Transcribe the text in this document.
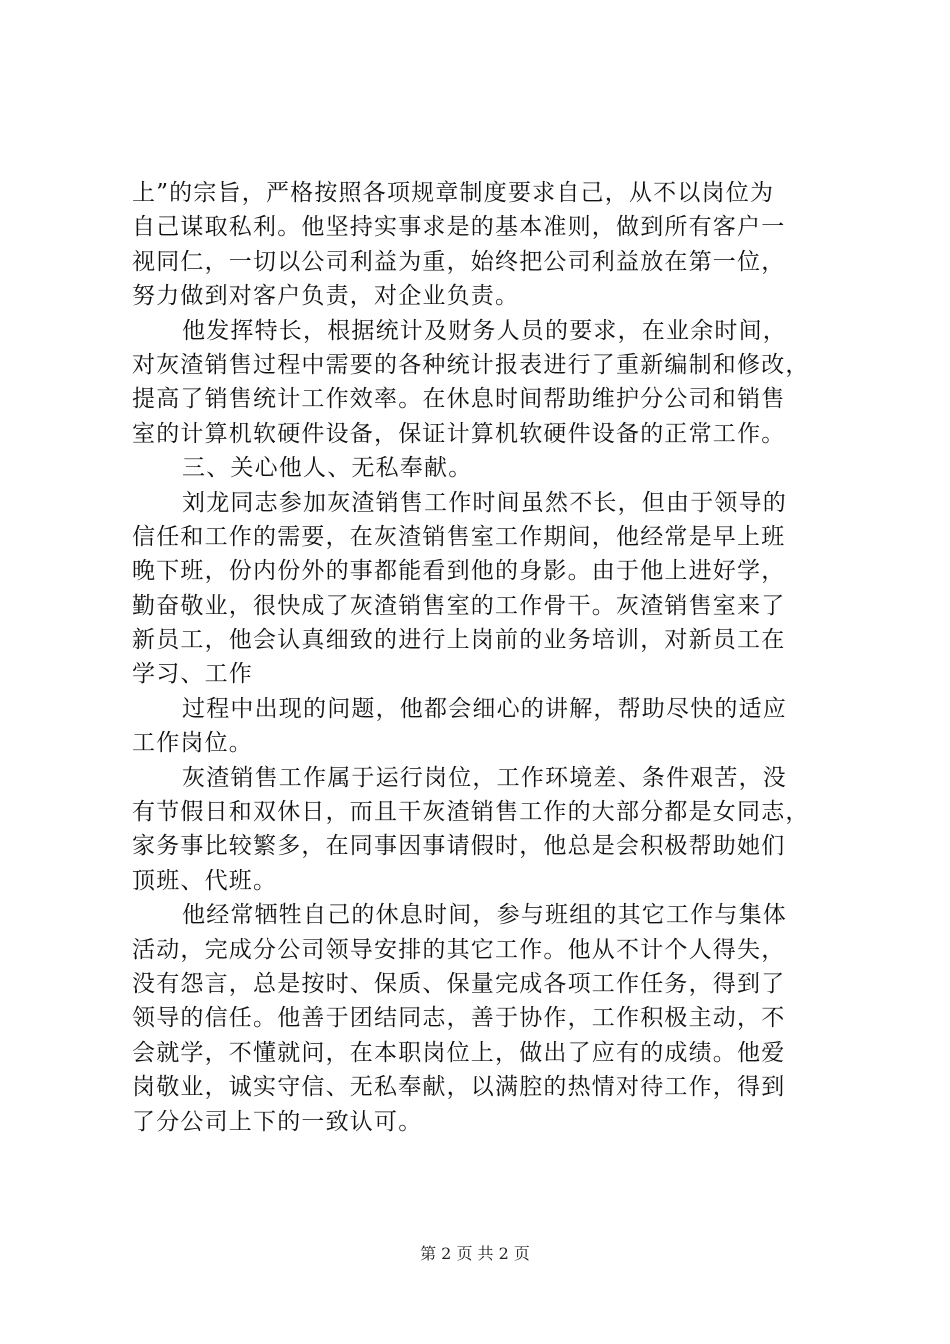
上”的宗旨，严格按照各项规章制度要求自己，从不以岗位为
自己谋取私利。他坚持实事求是的基本准则，做到所有客户一
视同仁，一切以公司利益为重，始终把公司利益放在第一位，
努力做到对客户负责，对企业负责。
他发挥特长，根据统计及财务人员的要求，在业余时间，
对灰渣销售过程中需要的各种统计报表进行了重新编制和修改，
提高了销售统计工作效率。在休息时间帮助维护分公司和销售
室的计算机软硬件设备，保证计算机软硬件设备的正常工作。
三、关心他人、无私奉献。
刘龙同志参加灰渣销售工作时间虽然不长，但由于领导的
信任和工作的需要，在灰渣销售室工作期间，他经常是早上班
晚下班，份内份外的事都能看到他的身影。由于他上进好学，
勤奋敬业，很快成了灰渣销售室的工作骨干。灰渣销售室来了
新员工，他会认真细致的进行上岗前的业务培训，对新员工在
学习、工作
过程中出现的问题，他都会细心的讲解，帮助尽快的适应
工作岗位。
灰渣销售工作属于运行岗位，工作环境差、条件艰苦，没
有节假日和双休日，而且干灰渣销售工作的大部分都是女同志，
家务事比较繁多，在同事因事请假时，他总是会积极帮助她们
顶班、代班。
他经常牺牲自己的休息时间，参与班组的其它工作与集体
活动，完成分公司领导安排的其它工作。他从不计个人得失，
没有怨言，总是按时、保质、保量完成各项工作任务，得到了
领导的信任。他善于团结同志，善于协作，工作积极主动，不
会就学，不懂就问，在本职岗位上，做出了应有的成绩。他爱
岗敬业，诚实守信、无私奉献，以满腔的热情对待工作，得到
了分公司上下的一致认可。
第 2 页 共 2 页
